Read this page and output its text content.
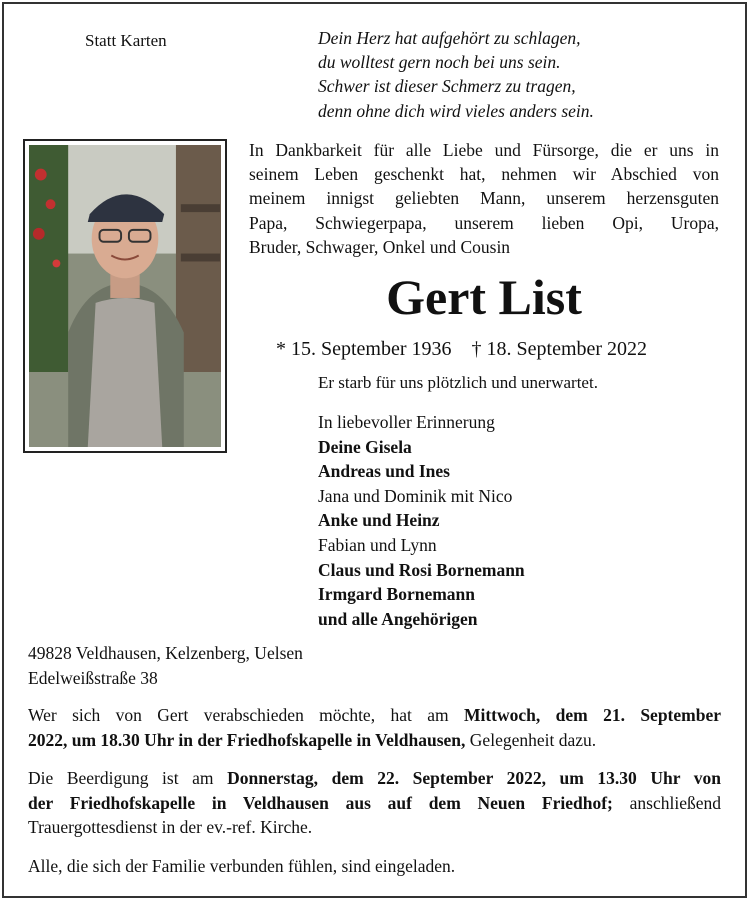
Statt Karten	Dein Herz hat aufgehört zu schlagen,
du wolltest gern noch bei uns sein.
Schwer ist dieser Schmerz zu tragen,
denn ohne dich wird vieles anders sein.
In Dankbarkeit für alle Liebe und Fürsorge, die er uns in
seinem Leben geschenkt hat, nehmen wir Abschied von
meinem innigst geliebten Mann, unserem herzensguten
Papa, Schwiegerpapa, unserem lieben Opi, Uropa,
Bruder, Schwager, Onkel und Cousin
Gert List
* 15. September 1936 † 18. September 2022
Er starb für uns plötzlich und unerwartet.
In liebevoller Erinnerung
Deine Gisela
Andreas und Ines
Jana und Dominik mit Nico
Anke und Heinz
Fabian und Lynn
Claus und Rosi Bornemann
Irmgard Bornemann
und alle Angehörigen
49828 Veldhausen, Kelzenberg, Uelsen
Edelweißstraße 38
Wer sich von Gert verabschieden möchte, hat am Mittwoch, dem 21. September
2022, um 18.30 Uhr in der Friedhofskapelle in Veldhausen, Gelegenheit dazu.
Die Beerdigung ist am Donnerstag, dem 22. September 2022, um 13.30 Uhr von
der Friedhofskapelle in Veldhausen aus auf dem Neuen Friedhof; anschließend
Trauergottesdienst in der ev.-ref. Kirche.
Alle, die sich der Familie verbunden fühlen, sind eingeladen.
